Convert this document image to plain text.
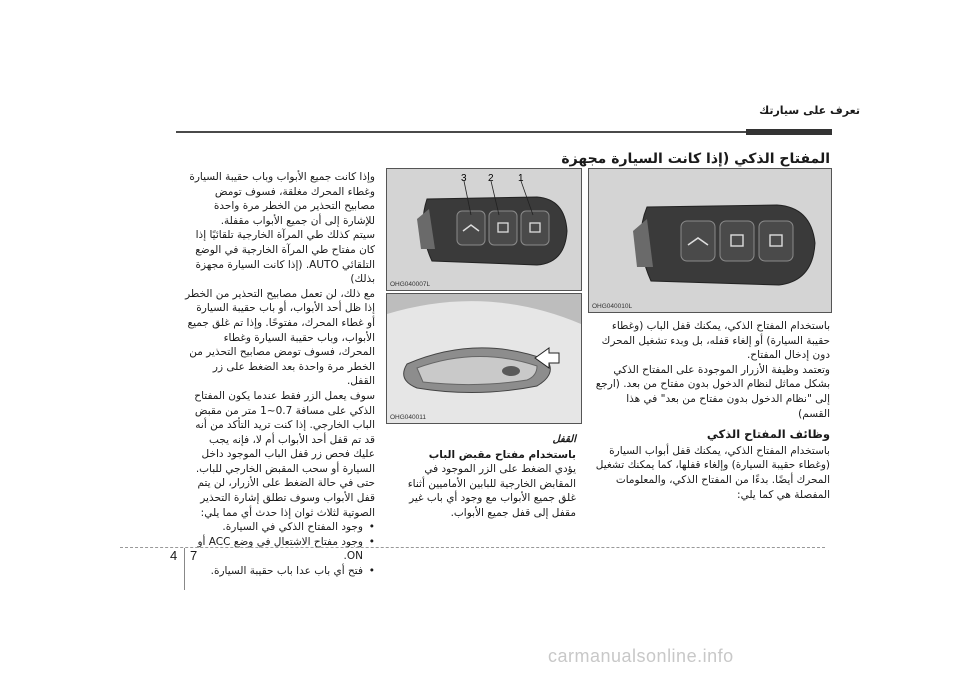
تعرف على سيارتك
المفتاح الذكي (إذا كانت السيارة مجهزة

وإذا كانت جميع الأبواب وباب حقيبة السيارة وغطاء المحرك مغلقة، فسوف تومض مصابيح التحذير من الخطر مرة واحدة للإشارة إلى أن جميع الأبواب مقفلة.

سيتم كذلك طي المرآة الخارجية تلقائيًا إذا كان مفتاح طي المرآة الخارجية في الوضع التلقائي AUTO. (إذا كانت السيارة مجهزة بذلك)

مع ذلك، لن تعمل مصابيح التحذير من الخطر إذا ظل أحد الأبواب، أو باب حقيبة السيارة أو غطاء المحرك، مفتوحًا. وإذا تم غلق جميع الأبواب، وباب حقيبة السيارة وغطاء المحرك، فسوف تومض مصابيح التحذير من الخطر مرة واحدة بعد الضغط على زر القفل.

سوف يعمل الزر فقط عندما يكون المفتاح الذكي على مسافة 0.7~1 متر من مقبض الباب الخارجي. إذا كنت تريد التأكد من أنه قد تم قفل أحد الأبواب أم لا، فإنه يجب عليك فحص زر قفل الباب الموجود داخل السيارة أو سحب المقبض الخارجي للباب.

حتى في حالة الضغط على الأزرار، لن يتم قفل الأبواب وسوف تطلق إشارة التحذير الصوتية لثلاث ثوان إذا حدث أي مما يلي:

• وجود المفتاح الذكي في السيارة.
• وجود مفتاح الاشتعال في وضع ACC أو ON.
• فتح أي باب عدا باب حقيبة السيارة.
3 2 1
OHG040007L
OHG040011
القفل
باستخدام مفتاح مقبض الباب

يؤدي الضغط على الزر الموجود في المقابض الخارجية للبابين الأماميين أثناء غلق جميع الأبواب مع وجود أي باب غير مقفل إلى قفل جميع الأبواب.

OHG040010L

باستخدام المفتاح الذكي، يمكنك قفل الباب (وغطاء حقيبة السيارة) أو إلغاء قفله، بل وبدء تشغيل المحرك دون إدخال المفتاح.

وتعتمد وظيفة الأزرار الموجودة على المفتاح الذكي بشكل مماثل لنظام الدخول بدون مفتاح من بعد. (ارجع إلى "نظام الدخول بدون مفتاح من بعد" في هذا القسم)

وظائف المفتاح الذكي

باستخدام المفتاح الذكي، يمكنك قفل أبواب السيارة (وغطاء حقيبة السيارة) وإلغاء قفلها، كما يمكنك تشغيل المحرك أيضًا. بدءًا من المفتاح الذكي، والمعلومات المفصلة هي كما يلي:

4 7
carmanualsonline.info
